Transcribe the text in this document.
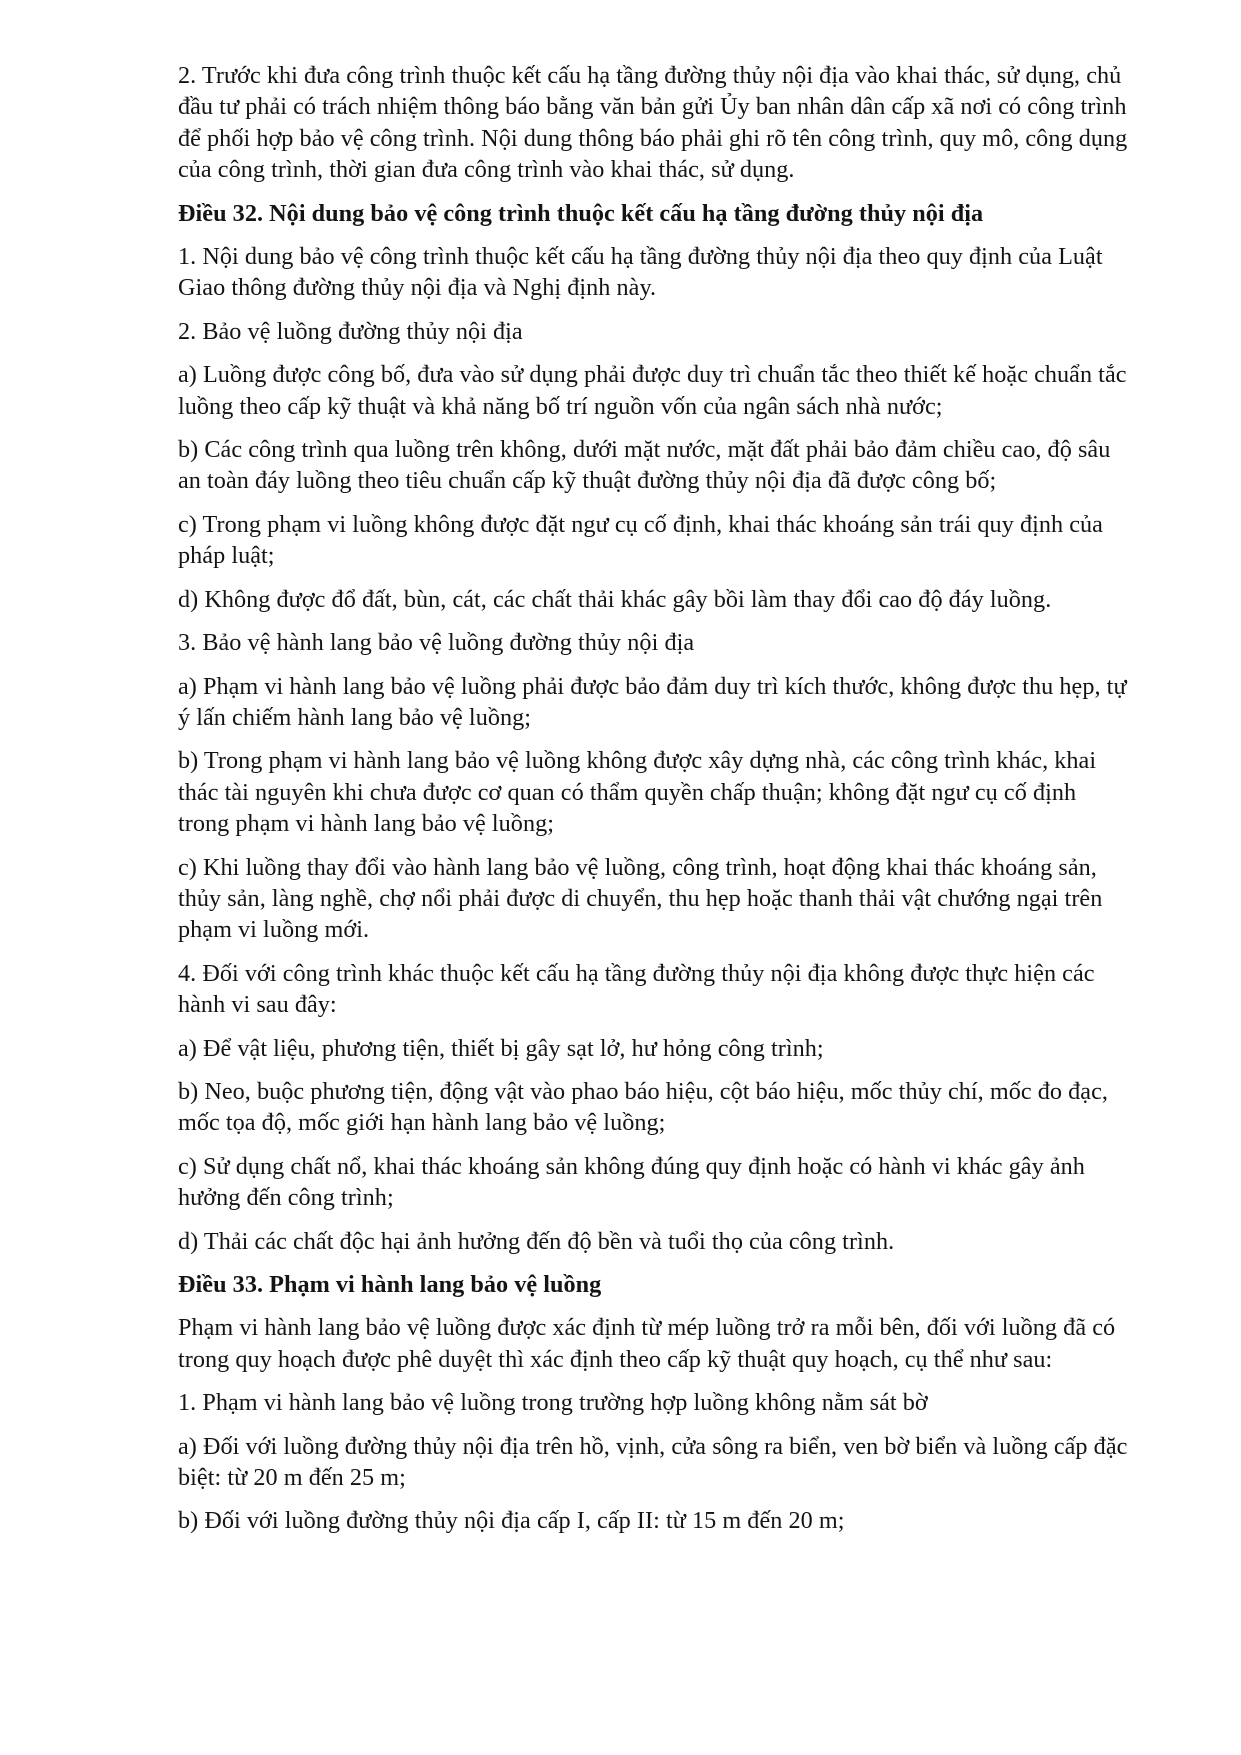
2. Trước khi đưa công trình thuộc kết cấu hạ tầng đường thủy nội địa vào khai thác, sử dụng, chủ đầu tư phải có trách nhiệm thông báo bằng văn bản gửi Ủy ban nhân dân cấp xã nơi có công trình để phối hợp bảo vệ công trình. Nội dung thông báo phải ghi rõ tên công trình, quy mô, công dụng của công trình, thời gian đưa công trình vào khai thác, sử dụng.

Điều 32. Nội dung bảo vệ công trình thuộc kết cấu hạ tầng đường thủy nội địa

1. Nội dung bảo vệ công trình thuộc kết cấu hạ tầng đường thủy nội địa theo quy định của Luật Giao thông đường thủy nội địa và Nghị định này.

2. Bảo vệ luồng đường thủy nội địa

a) Luồng được công bố, đưa vào sử dụng phải được duy trì chuẩn tắc theo thiết kế hoặc chuẩn tắc luồng theo cấp kỹ thuật và khả năng bố trí nguồn vốn của ngân sách nhà nước;

b) Các công trình qua luồng trên không, dưới mặt nước, mặt đất phải bảo đảm chiều cao, độ sâu an toàn đáy luồng theo tiêu chuẩn cấp kỹ thuật đường thủy nội địa đã được công bố;

c) Trong phạm vi luồng không được đặt ngư cụ cố định, khai thác khoáng sản trái quy định của pháp luật;

d) Không được đổ đất, bùn, cát, các chất thải khác gây bồi làm thay đổi cao độ đáy luồng.

3. Bảo vệ hành lang bảo vệ luồng đường thủy nội địa

a) Phạm vi hành lang bảo vệ luồng phải được bảo đảm duy trì kích thước, không được thu hẹp, tự ý lấn chiếm hành lang bảo vệ luồng;

b) Trong phạm vi hành lang bảo vệ luồng không được xây dựng nhà, các công trình khác, khai thác tài nguyên khi chưa được cơ quan có thẩm quyền chấp thuận; không đặt ngư cụ cố định trong phạm vi hành lang bảo vệ luồng;

c) Khi luồng thay đổi vào hành lang bảo vệ luồng, công trình, hoạt động khai thác khoáng sản, thủy sản, làng nghề, chợ nổi phải được di chuyển, thu hẹp hoặc thanh thải vật chướng ngại trên phạm vi luồng mới.

4. Đối với công trình khác thuộc kết cấu hạ tầng đường thủy nội địa không được thực hiện các hành vi sau đây:

a) Để vật liệu, phương tiện, thiết bị gây sạt lở, hư hỏng công trình;

b) Neo, buộc phương tiện, động vật vào phao báo hiệu, cột báo hiệu, mốc thủy chí, mốc đo đạc, mốc tọa độ, mốc giới hạn hành lang bảo vệ luồng;

c) Sử dụng chất nổ, khai thác khoáng sản không đúng quy định hoặc có hành vi khác gây ảnh hưởng đến công trình;

d) Thải các chất độc hại ảnh hưởng đến độ bền và tuổi thọ của công trình.

Điều 33. Phạm vi hành lang bảo vệ luồng

Phạm vi hành lang bảo vệ luồng được xác định từ mép luồng trở ra mỗi bên, đối với luồng đã có trong quy hoạch được phê duyệt thì xác định theo cấp kỹ thuật quy hoạch, cụ thể như sau:

1. Phạm vi hành lang bảo vệ luồng trong trường hợp luồng không nằm sát bờ

a) Đối với luồng đường thủy nội địa trên hồ, vịnh, cửa sông ra biển, ven bờ biển và luồng cấp đặc biệt: từ 20 m đến 25 m;

b) Đối với luồng đường thủy nội địa cấp I, cấp II: từ 15 m đến 20 m;
